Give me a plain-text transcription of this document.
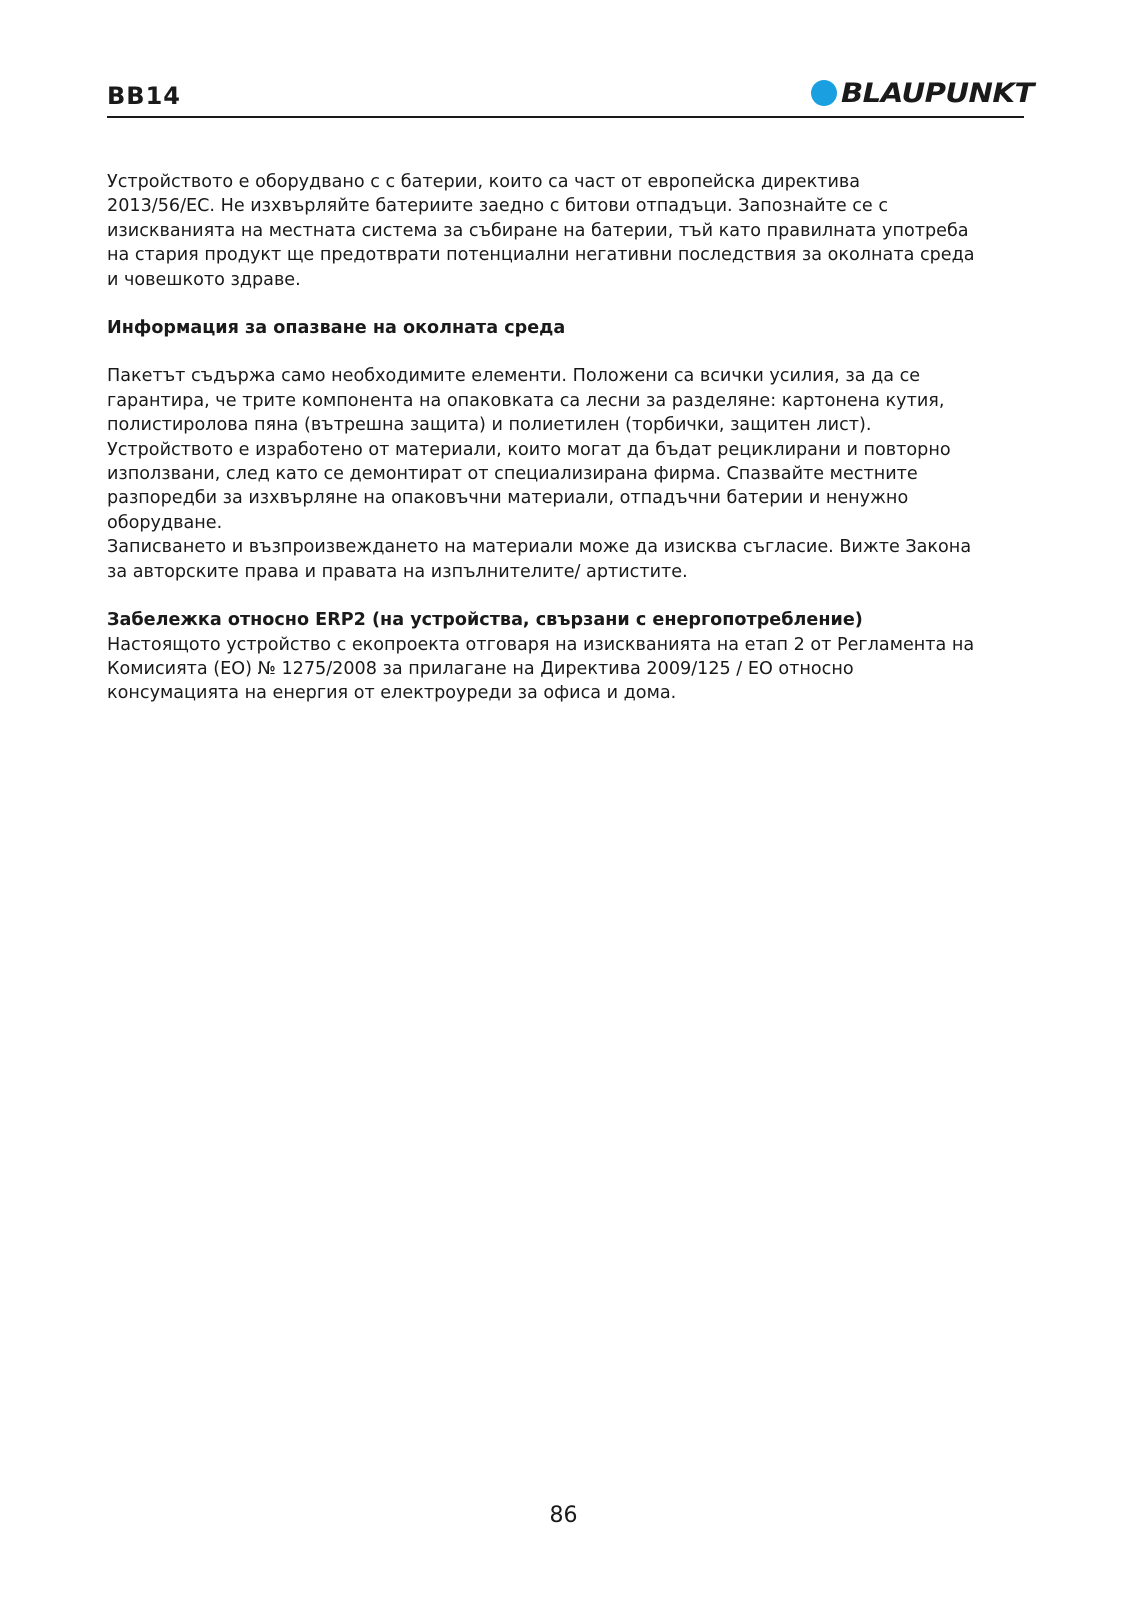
BB14	BLAUPUNKT

Устройството е оборудвано с с батерии, които са част от европейска директива

2013/56/EC. Не изхвърляйте батериите заедно с битови отпадъци. Запознайте се с

изискванията на местната система за събиране на батерии, тъй като правилната употреба

на стария продукт ще предотврати потенциални негативни последствия за околната среда

и човешкото здраве.

Информация за опазване на околната среда

Пакетът съдържа само необходимите елементи. Положени са всички усилия, за да се

гарантира, че трите компонента на опаковката са лесни за разделяне: картонена кутия,

полистиролова пяна (вътрешна защита) и полиетилен (торбички, защитен лист).

Устройството е изработено от материали, които могат да бъдат рециклирани и повторно

използвани, след като се демонтират от специализирана фирма. Спазвайте местните

разпоредби за изхвърляне на опаковъчни материали, отпадъчни батерии и ненужно

оборудване.

Записването и възпроизвеждането на материали може да изисква съгласие. Вижте Закона

за авторските права и правата на изпълнителите/ артистите.

Забележка относно ERP2 (на устройства, свързани с енергопотребление)

Настоящото устройство с екопроекта отговаря на изискванията на етап 2 от Регламента на

Комисията (ЕО) № 1275/2008 за прилагане на Директива 2009/125 / ЕО относно

консумацията на енергия от електроуреди за офиса и дома.

86
